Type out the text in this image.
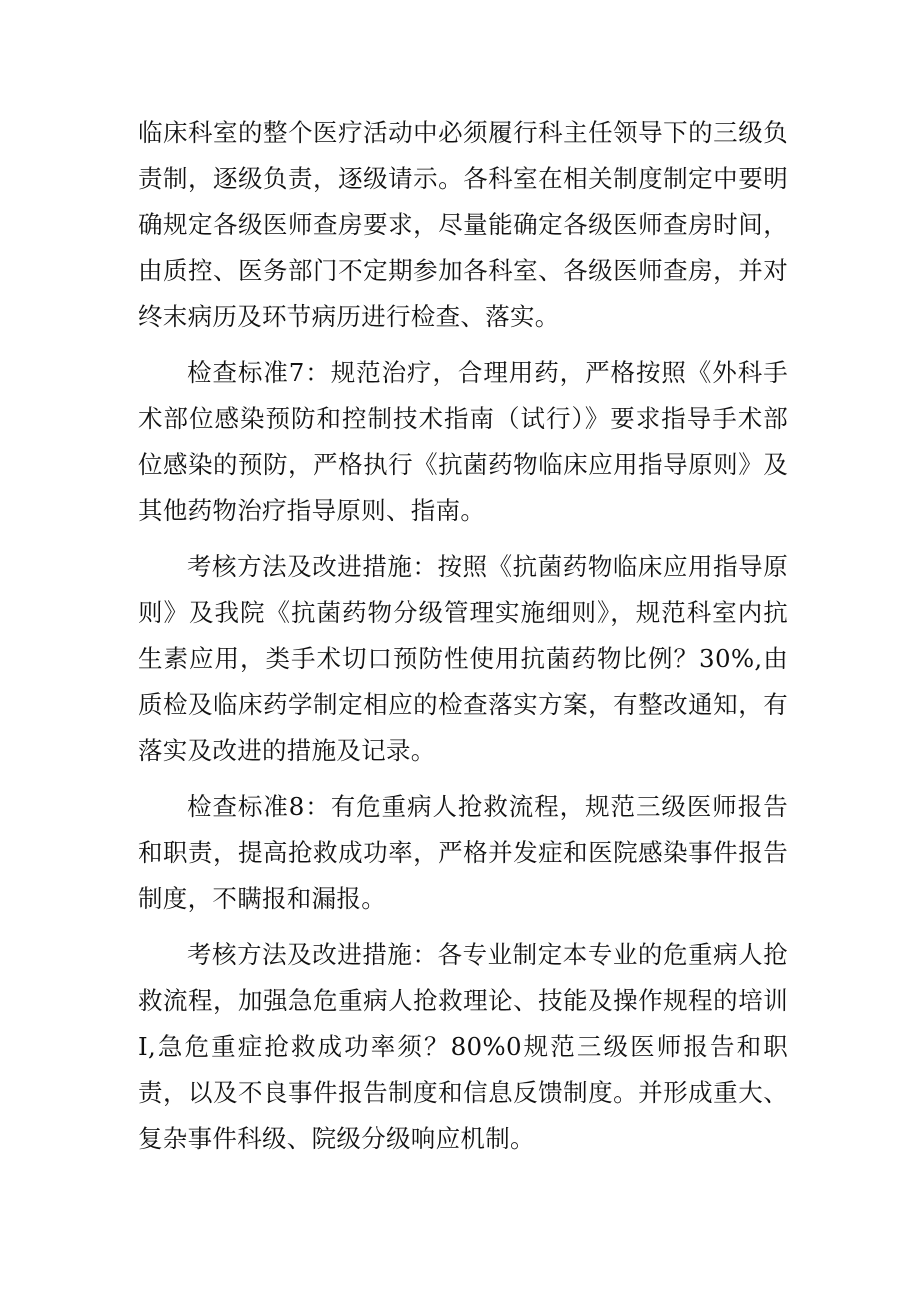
临床科室的整个医疗活动中必须履行科主任领导下的三级负责制，逐级负责，逐级请示。各科室在相关制度制定中要明确规定各级医师查房要求，尽量能确定各级医师查房时间，由质控、医务部门不定期参加各科室、各级医师查房，并对终末病历及环节病历进行检查、落实。

检查标准7：规范治疗，合理用药，严格按照《外科手术部位感染预防和控制技术指南（试行）》要求指导手术部位感染的预防，严格执行《抗菌药物临床应用指导原则》及其他药物治疗指导原则、指南。

考核方法及改进措施：按照《抗菌药物临床应用指导原则》及我院《抗菌药物分级管理实施细则》，规范科室内抗生素应用，类手术切口预防性使用抗菌药物比例？30%,由质检及临床药学制定相应的检查落实方案，有整改通知，有落实及改进的措施及记录。

检查标准8：有危重病人抢救流程，规范三级医师报告和职责，提高抢救成功率，严格并发症和医院感染事件报告制度，不瞒报和漏报。

考核方法及改进措施：各专业制定本专业的危重病人抢救流程，加强急危重病人抢救理论、技能及操作规程的培训I,急危重症抢救成功率须？80%0规范三级医师报告和职责，以及不良事件报告制度和信息反馈制度。并形成重大、复杂事件科级、院级分级响应机制。
